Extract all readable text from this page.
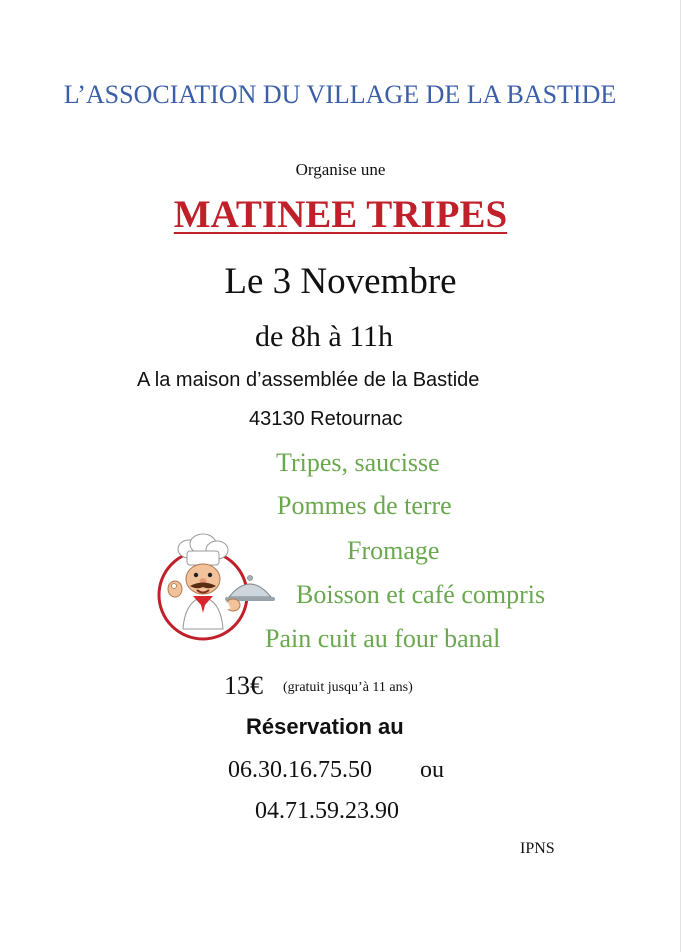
L’ASSOCIATION DU VILLAGE DE LA BASTIDE
Organise une
MATINEE TRIPES
Le 3 Novembre
de 8h à 11h
A la maison d’assemblée de la Bastide
43130 Retournac
Tripes, saucisse
Pommes de terre
Fromage
Boisson et café compris
Pain cuit au four banal
13€ (gratuit jusqu’à 11 ans)
Réservation au
06.30.16.75.50 ou
04.71.59.23.90
IPNS
